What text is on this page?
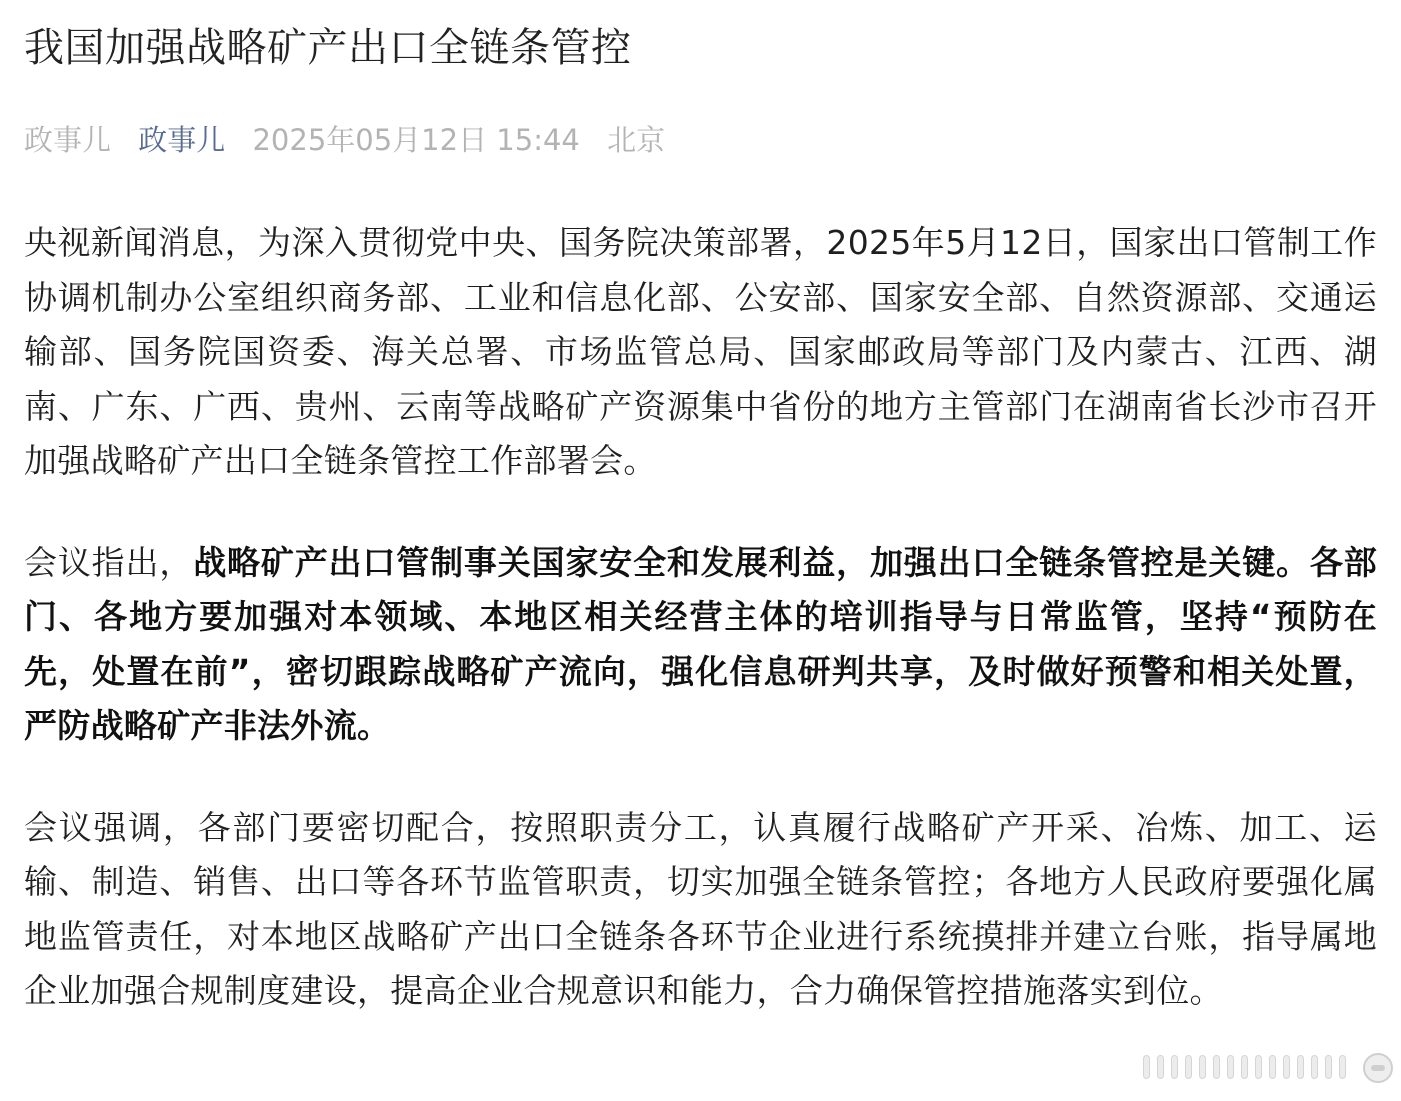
我国加强战略矿产出口全链条管控
政事儿 政事儿 2025年05月12日 15:44 北京

央视新闻消息，为深入贯彻党中央、国务院决策部署，2025年5月12日，国家出口管制工作协调机制办公室组织商务部、工业和信息化部、公安部、国家安全部、自然资源部、交通运输部、国务院国资委、海关总署、市场监管总局、国家邮政局等部门及内蒙古、江西、湖南、广东、广西、贵州、云南等战略矿产资源集中省份的地方主管部门在湖南省长沙市召开加强战略矿产出口全链条管控工作部署会。

会议指出，战略矿产出口管制事关国家安全和发展利益，加强出口全链条管控是关键。各部门、各地方要加强对本领域、本地区相关经营主体的培训指导与日常监管，坚持“预防在先，处置在前”，密切跟踪战略矿产流向，强化信息研判共享，及时做好预警和相关处置，严防战略矿产非法外流。

会议强调，各部门要密切配合，按照职责分工，认真履行战略矿产开采、冶炼、加工、运输、制造、销售、出口等各环节监管职责，切实加强全链条管控；各地方人民政府要强化属地监管责任，对本地区战略矿产出口全链条各环节企业进行系统摸排并建立台账，指导属地企业加强合规制度建设，提高企业合规意识和能力，合力确保管控措施落实到位。
